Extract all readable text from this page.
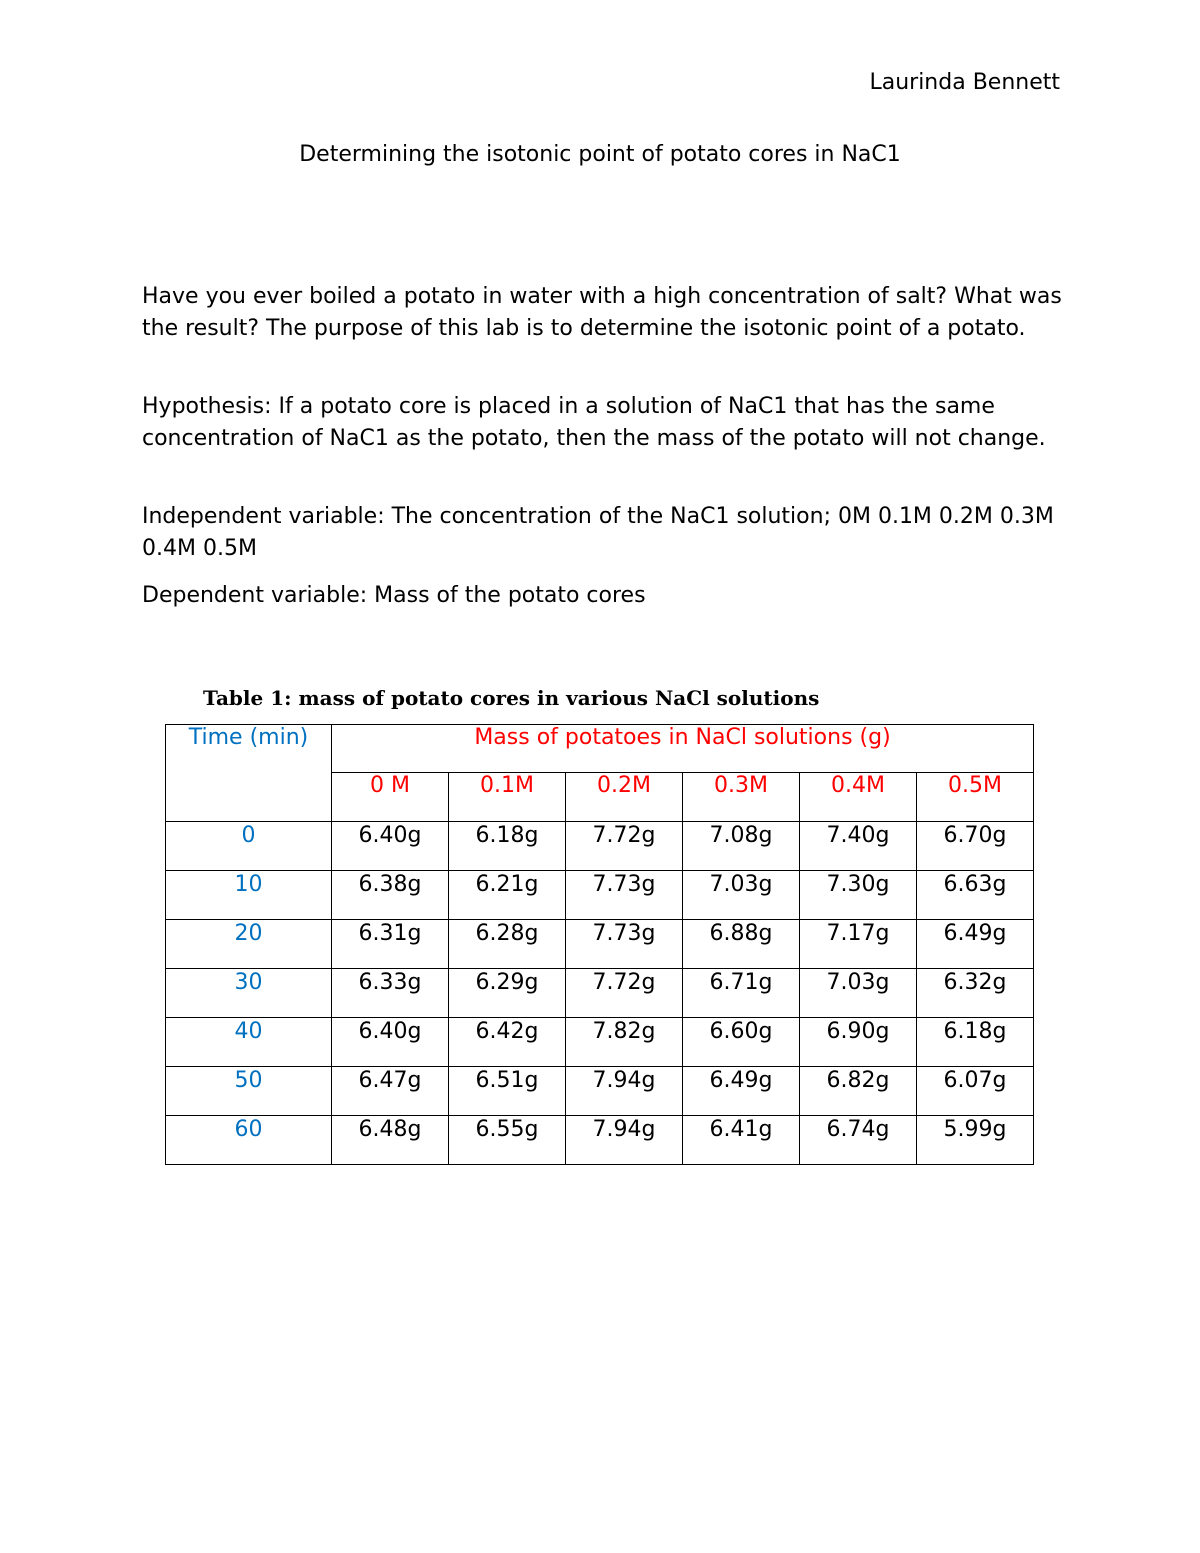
Laurinda Bennett
Determining the isotonic point of potato cores in NaC1

Have you ever boiled a potato in water with a high concentration of salt? What was the result? The purpose of this lab is to determine the isotonic point of a potato.

Hypothesis: If a potato core is placed in a solution of NaC1 that has the same concentration of NaC1 as the potato, then the mass of the potato will not change.

Independent variable: The concentration of the NaC1 solution; 0M 0.1M 0.2M 0.3M 0.4M 0.5M

Dependent variable: Mass of the potato cores

Table 1: mass of potato cores in various NaCl solutions
Time (min)	Mass of potatoes in NaCl solutions (g)					
	0 M	0.1M	0.2M	0.3M	0.4M	0.5M
0	6.40g	6.18g	7.72g	7.08g	7.40g	6.70g
10	6.38g	6.21g	7.73g	7.03g	7.30g	6.63g
20	6.31g	6.28g	7.73g	6.88g	7.17g	6.49g
30	6.33g	6.29g	7.72g	6.71g	7.03g	6.32g
40	6.40g	6.42g	7.82g	6.60g	6.90g	6.18g
50	6.47g	6.51g	7.94g	6.49g	6.82g	6.07g
60	6.48g	6.55g	7.94g	6.41g	6.74g	5.99g
